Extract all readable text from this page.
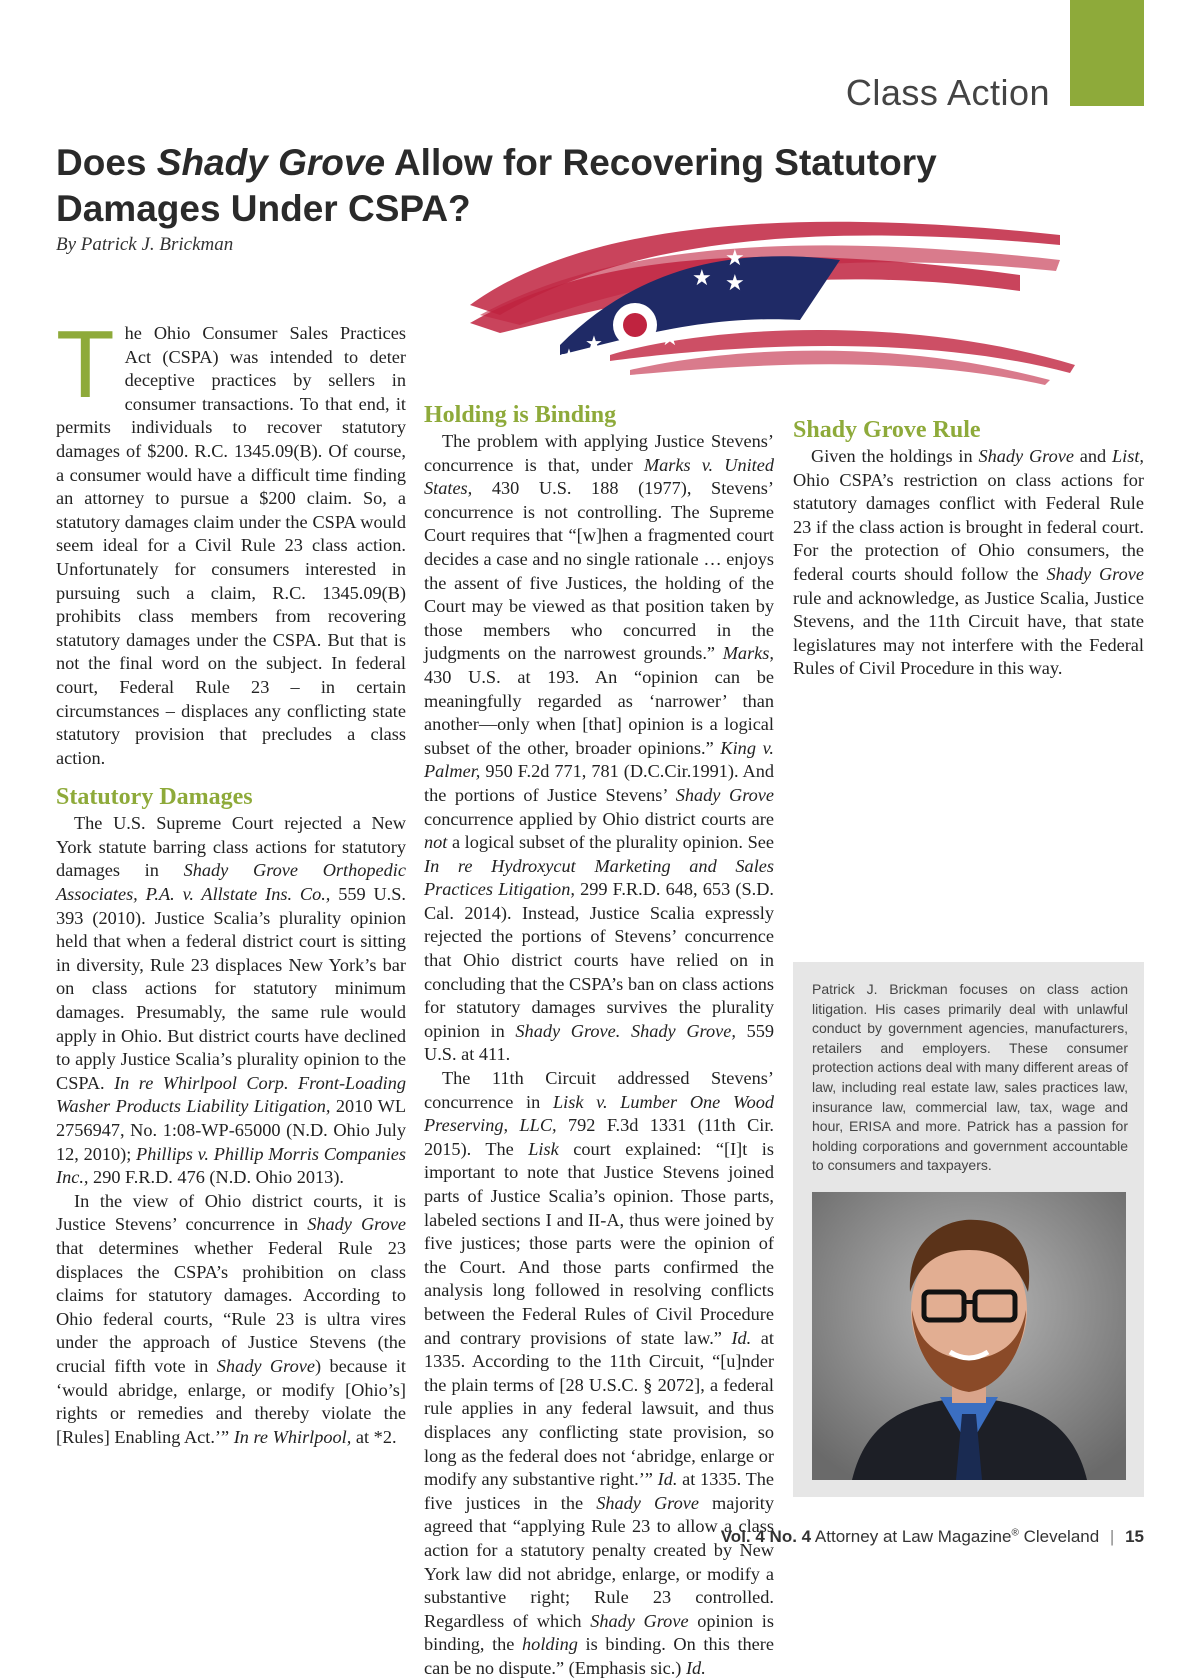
Class Action
Does Shady Grove Allow for Recovering Statutory Damages Under CSPA?
By Patrick J. Brickman
★
★
★
★
★
★

The Ohio Consumer Sales Practices Act (CSPA) was intended to deter deceptive practices by sellers in consumer transactions. To that end, it permits individuals to recover statutory damages of $200. R.C. 1345.09(B). Of course, a consumer would have a difficult time finding an attorney to pursue a $200 claim. So, a statutory damages claim under the CSPA would seem ideal for a Civil Rule 23 class action. Unfortunately for consumers interested in pursuing such a claim, R.C. 1345.09(B) prohibits class members from recovering statutory damages under the CSPA. But that is not the final word on the subject. In federal court, Federal Rule 23 – in certain circumstances – displaces any conflicting state statutory provision that precludes a class action.

Statutory Damages

The U.S. Supreme Court rejected a New York statute barring class actions for statutory damages in Shady Grove Orthopedic Associates, P.A. v. Allstate Ins. Co., 559 U.S. 393 (2010). Justice Scalia’s plurality opinion held that when a federal district court is sitting in diversity, Rule 23 displaces New York’s bar on class actions for statutory minimum damages. Presumably, the same rule would apply in Ohio. But district courts have declined to apply Justice Scalia’s plurality opinion to the CSPA. In re Whirlpool Corp. Front-Loading Washer Products Liability Litigation, 2010 WL 2756947, No. 1:08-WP-65000 (N.D. Ohio July 12, 2010); Phillips v. Phillip Morris Companies Inc., 290 F.R.D. 476 (N.D. Ohio 2013).

In the view of Ohio district courts, it is Justice Stevens’ concurrence in Shady Grove that determines whether Federal Rule 23 displaces the CSPA’s prohibition on class claims for statutory damages. According to Ohio federal courts, “Rule 23 is ultra vires under the approach of Justice Stevens (the crucial fifth vote in Shady Grove) because it ‘would abridge, enlarge, or modify [Ohio’s] rights or remedies and thereby violate the [Rules] Enabling Act.’” In re Whirlpool, at *2.

Holding is Binding

The problem with applying Justice Stevens’ concurrence is that, under Marks v. United States, 430 U.S. 188 (1977), Stevens’ concurrence is not controlling. The Supreme Court requires that “[w]hen a fragmented court decides a case and no single rationale … enjoys the assent of five Justices, the holding of the Court may be viewed as that position taken by those members who concurred in the judgments on the narrowest grounds.” Marks, 430 U.S. at 193. An “opinion can be meaningfully regarded as ‘narrower’ than another—only when [that] opinion is a logical subset of the other, broader opinions.” King v. Palmer, 950 F.2d 771, 781 (D.C.Cir.1991). And the portions of Justice Stevens’ Shady Grove concurrence applied by Ohio district courts are not a logical subset of the plurality opinion. See In re Hydroxycut Marketing and Sales Practices Litigation, 299 F.R.D. 648, 653 (S.D. Cal. 2014). Instead, Justice Scalia expressly rejected the portions of Stevens’ concurrence that Ohio district courts have relied on in concluding that the CSPA’s ban on class actions for statutory damages survives the plurality opinion in Shady Grove. Shady Grove, 559 U.S. at 411.

The 11th Circuit addressed Stevens’ concurrence in Lisk v. Lumber One Wood Preserving, LLC, 792 F.3d 1331 (11th Cir. 2015). The Lisk court explained: “[I]t is important to note that Justice Stevens joined parts of Justice Scalia’s opinion. Those parts, labeled sections I and II-A, thus were joined by five justices; those parts were the opinion of the Court. And those parts confirmed the analysis long followed in resolving conflicts between the Federal Rules of Civil Procedure and contrary provisions of state law.” Id. at 1335. According to the 11th Circuit, “[u]nder the plain terms of [28 U.S.C. § 2072], a federal rule applies in any federal lawsuit, and thus displaces any conflicting state provision, so long as the federal does not ‘abridge, enlarge or modify any substantive right.’” Id. at 1335. The five justices in the Shady Grove majority agreed that “applying Rule 23 to allow a class action for a statutory penalty created by New York law did not abridge, enlarge, or modify a substantive right; Rule 23 controlled. Regardless of which Shady Grove opinion is binding, the holding is binding. On this there can be no dispute.” (Emphasis sic.) Id.

Shady Grove Rule

Given the holdings in Shady Grove and List, Ohio CSPA’s restriction on class actions for statutory damages conflict with Federal Rule 23 if the class action is brought in federal court. For the protection of Ohio consumers, the federal courts should follow the Shady Grove rule and acknowledge, as Justice Scalia, Justice Stevens, and the 11th Circuit have, that state legislatures may not interfere with the Federal Rules of Civil Procedure in this way.

Patrick J. Brickman focuses on class action litigation. His cases primarily deal with unlawful conduct by government agencies, manufacturers, retailers and employers. These consumer protection actions deal with many different areas of law, including real estate law, sales practices law, insurance law, commercial law, tax, wage and hour, ERISA and more. Patrick has a passion for holding corporations and government accountable to consumers and taxpayers.
Vol. 4 No. 4 Attorney at Law Magazine® Cleveland | 15
